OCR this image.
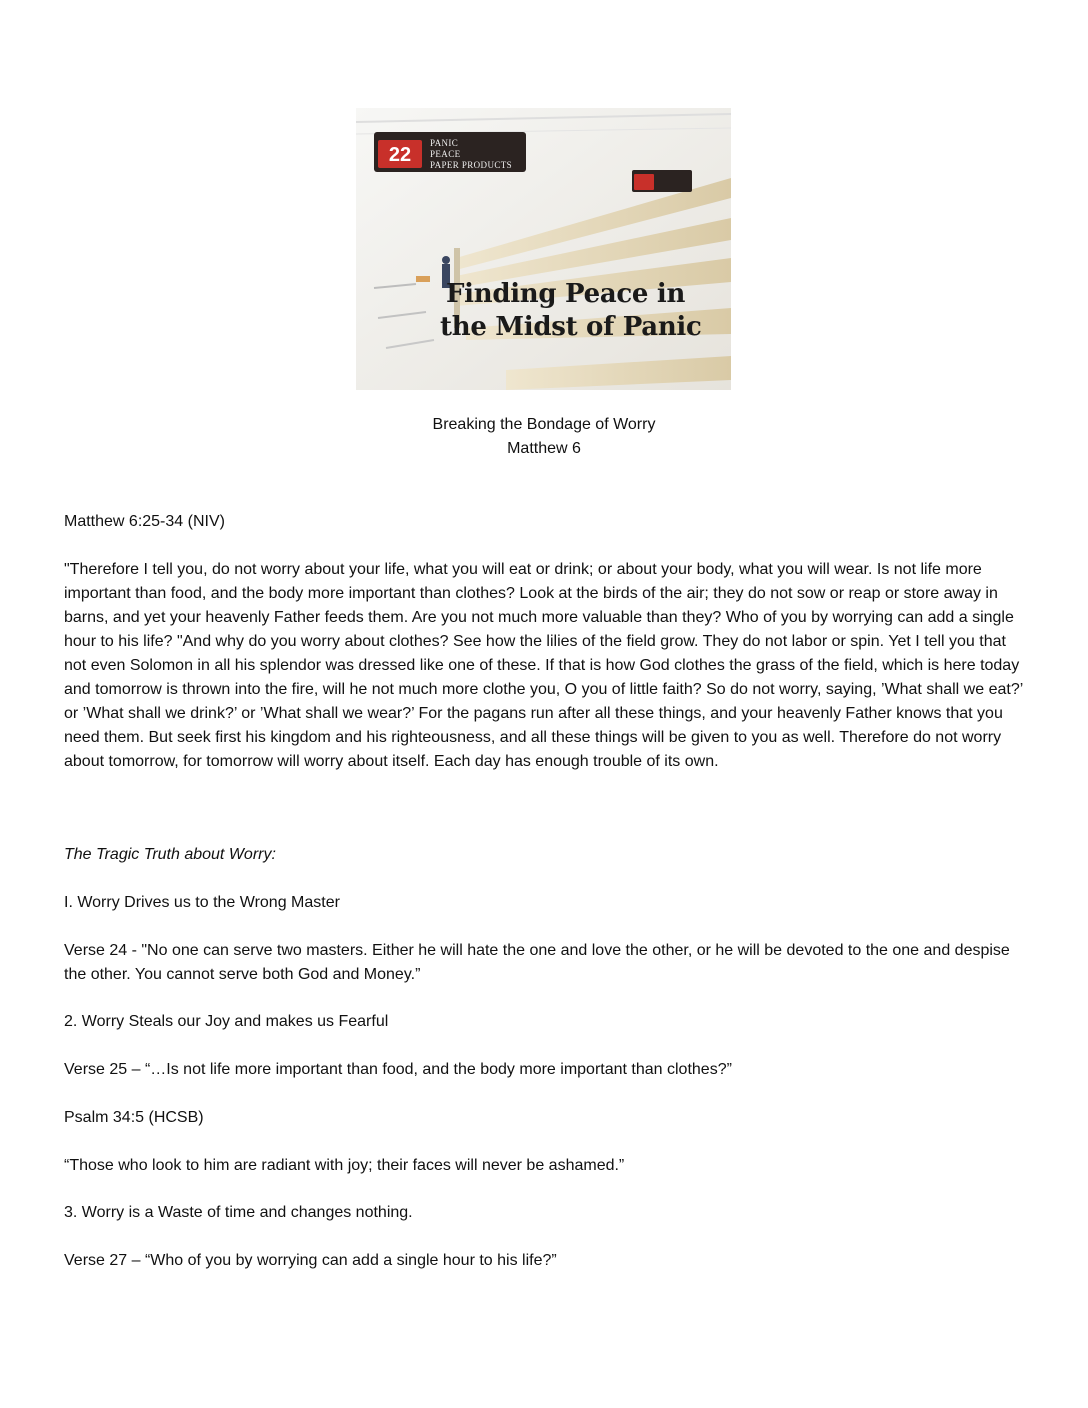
22
PANIC
PEACE
PAPER PRODUCTS
Finding Peace in
the Midst of Panic
Breaking the Bondage of Worry
Matthew 6
Matthew 6:25-34 (NIV)
"Therefore I tell you, do not worry about your life, what you will eat or drink; or about your body, what you will wear. Is not life more important than food, and the body more important than clothes? Look at the birds of the air; they do not sow or reap or store away in barns, and yet your heavenly Father feeds them. Are you not much more valuable than they? Who of you by worrying can add a single hour to his life? "And why do you worry about clothes? See how the lilies of the field grow. They do not labor or spin. Yet I tell you that not even Solomon in all his splendor was dressed like one of these. If that is how God clothes the grass of the field, which is here today and tomorrow is thrown into the fire, will he not much more clothe you, O you of little faith? So do not worry, saying, ’What shall we eat?’ or ’What shall we drink?’ or ’What shall we wear?’ For the pagans run after all these things, and your heavenly Father knows that you need them. But seek first his kingdom and his righteousness, and all these things will be given to you as well. Therefore do not worry about tomorrow, for tomorrow will worry about itself. Each day has enough trouble of its own.
The Tragic Truth about Worry:
I. Worry Drives us to the Wrong Master
Verse 24 - "No one can serve two masters. Either he will hate the one and love the other, or he will be devoted to the one and despise the other. You cannot serve both God and Money.”
2. Worry Steals our Joy and makes us Fearful
Verse 25 – “…Is not life more important than food, and the body more important than clothes?”
Psalm 34:5 (HCSB)
“Those who look to him are radiant with joy; their faces will never be ashamed.”
3. Worry is a Waste of time and changes nothing.
Verse 27 – “Who of you by worrying can add a single hour to his life?”
